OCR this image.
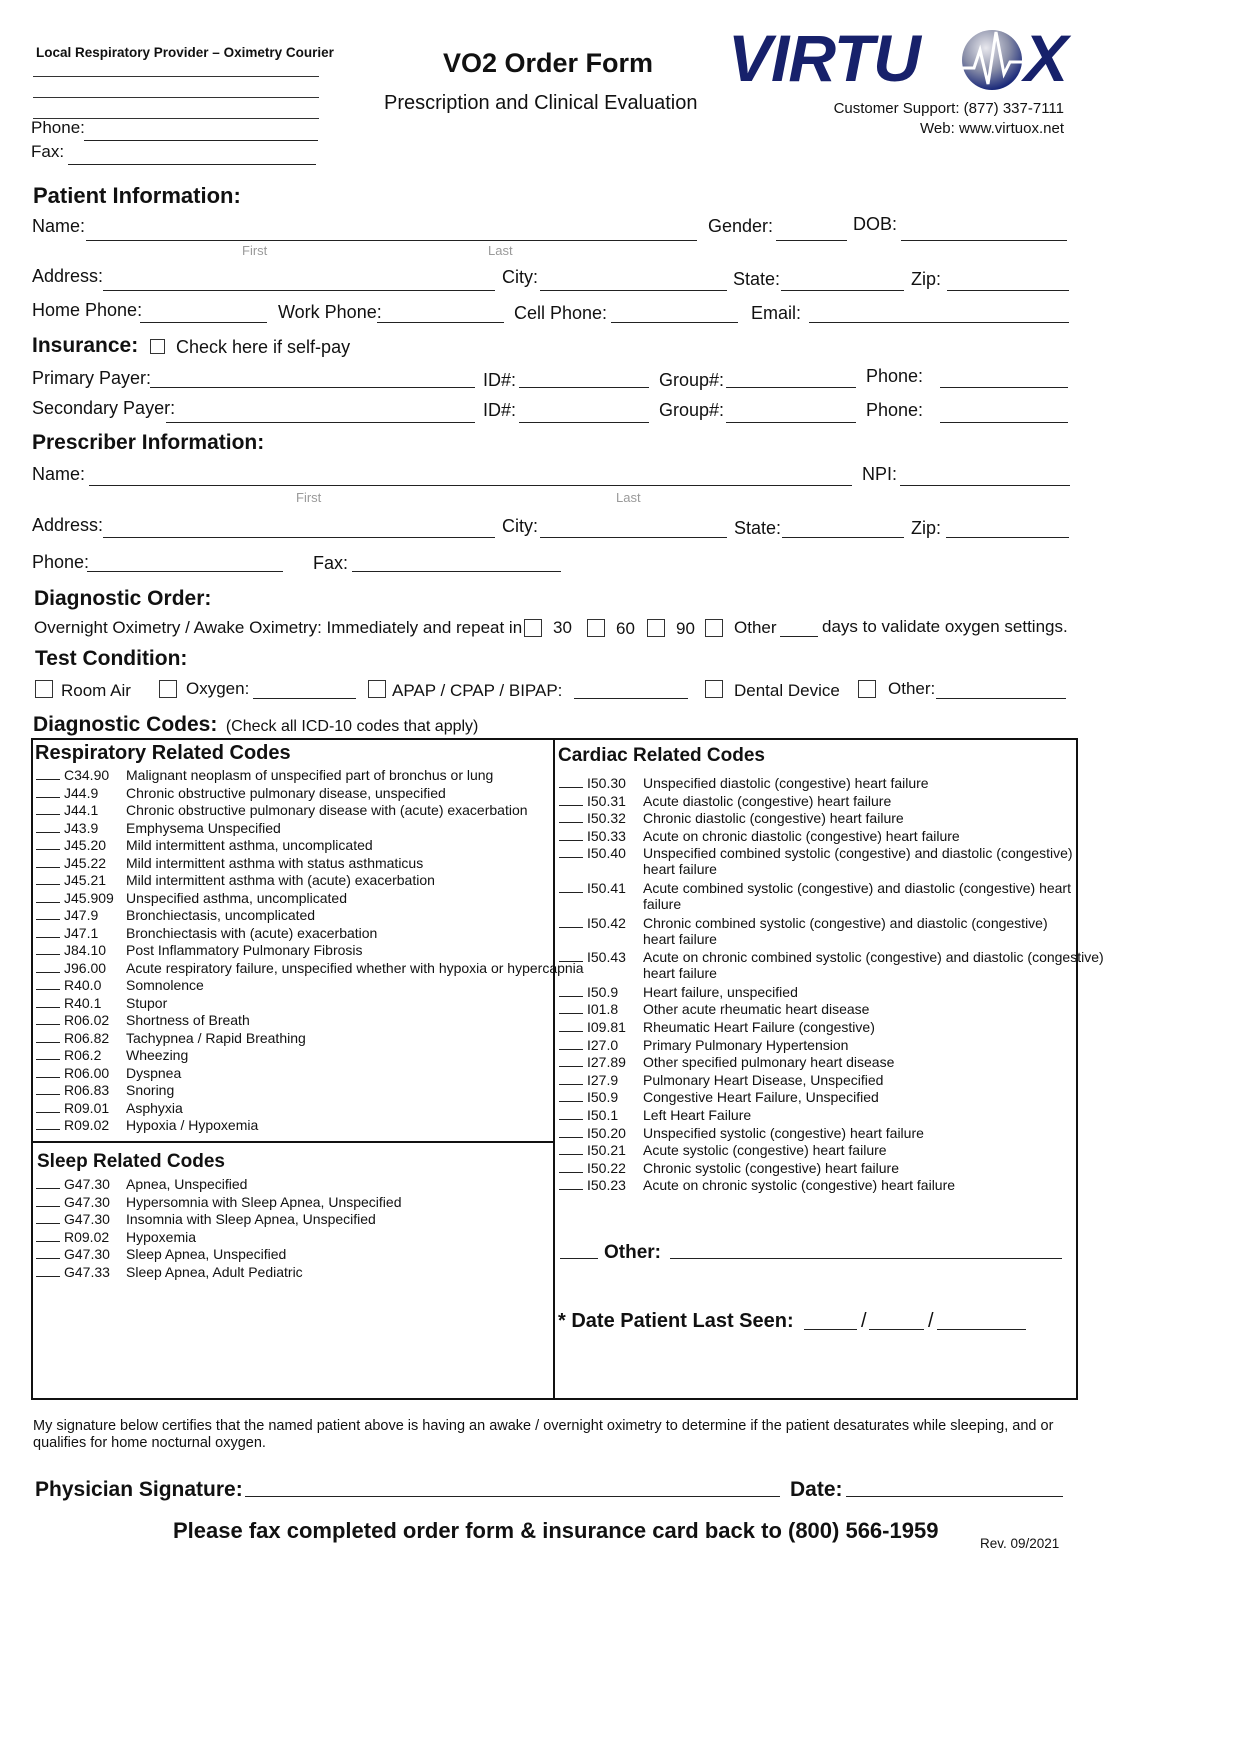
Local Respiratory Provider – Oximetry Courier
Phone:
Fax:
VO2 Order Form
Prescription and Clinical Evaluation
VIRTU X
Customer Support: (877) 337-7111
Web: www.virtuox.net
Patient Information:
Name:
First	Last
Gender:	DOB:
Address:	City:	State:	Zip:
Home Phone:	Work Phone:	Cell Phone:	Email:
Insurance: Check here if self-pay
Primary Payer:	ID#:	Group#:	Phone:
Secondary Payer:	ID#:	Group#:	Phone:
Prescriber Information:
Name:
First	Last
NPI:
Address:	City:	State:	Zip:
Phone:	Fax:
Diagnostic Order:
Overnight Oximetry / Awake Oximetry: Immediately and repeat in 30	60 90 Other	days to validate oxygen settings.
Test Condition:
Room Air	Oxygen:	APAP / CPAP / BIPAP:	Dental Device	Other:
Diagnostic Codes: (Check all ICD-10 codes that apply)
Respiratory Related Codes
C34.90 Malignant neoplasm of unspecified part of bronchus or lung
J44.9 Chronic obstructive pulmonary disease, unspecified
J44.1 Chronic obstructive pulmonary disease with (acute) exacerbation
J43.9 Emphysema Unspecified
J45.20 Mild intermittent asthma, uncomplicated
J45.22 Mild intermittent asthma with status asthmaticus
J45.21 Mild intermittent asthma with (acute) exacerbation
J45.909 Unspecified asthma, uncomplicated
J47.9 Bronchiectasis, uncomplicated
J47.1 Bronchiectasis with (acute) exacerbation
J84.10 Post Inflammatory Pulmonary Fibrosis
J96.00 Acute respiratory failure, unspecified whether with hypoxia or hypercapnia
R40.0 Somnolence
R40.1 Stupor
R06.02 Shortness of Breath
R06.82 Tachypnea / Rapid Breathing
R06.2 Wheezing
R06.00 Dyspnea
R06.83 Snoring
R09.01 Asphyxia
R09.02 Hypoxia / Hypoxemia
Sleep Related Codes
G47.30 Apnea, Unspecified
G47.30 Hypersomnia with Sleep Apnea, Unspecified
G47.30 Insomnia with Sleep Apnea, Unspecified
R09.02 Hypoxemia
G47.30 Sleep Apnea, Unspecified
G47.33 Sleep Apnea, Adult Pediatric
Cardiac Related Codes
I50.30 Unspecified diastolic (congestive) heart failure
I50.31 Acute diastolic (congestive) heart failure
I50.32 Chronic diastolic (congestive) heart failure
I50.33 Acute on chronic diastolic (congestive) heart failure
I50.40 Unspecified combined systolic (congestive) and diastolic (congestive)
heart failure
I50.41 Acute combined systolic (congestive) and diastolic (congestive) heart
failure
I50.42 Chronic combined systolic (congestive) and diastolic (congestive)
heart failure
I50.43 Acute on chronic combined systolic (congestive) and diastolic (congestive)
heart failure
I50.9 Heart failure, unspecified
I01.8 Other acute rheumatic heart disease
I09.81 Rheumatic Heart Failure (congestive)
I27.0 Primary Pulmonary Hypertension
I27.89 Other specified pulmonary heart disease
I27.9 Pulmonary Heart Disease, Unspecified
I50.9 Congestive Heart Failure, Unspecified
I50.1 Left Heart Failure
I50.20 Unspecified systolic (congestive) heart failure
I50.21 Acute systolic (congestive) heart failure
I50.22 Chronic systolic (congestive) heart failure
I50.23 Acute on chronic systolic (congestive) heart failure
Other:
* Date Patient Last Seen:	/	/
My signature below certifies that the named patient above is having an awake / overnight oximetry to determine if the patient desaturates while sleeping, and or qualifies for home nocturnal oxygen.
Physician Signature:	Date:
Please fax completed order form & insurance card back to (800) 566-1959
Rev. 09/2021
